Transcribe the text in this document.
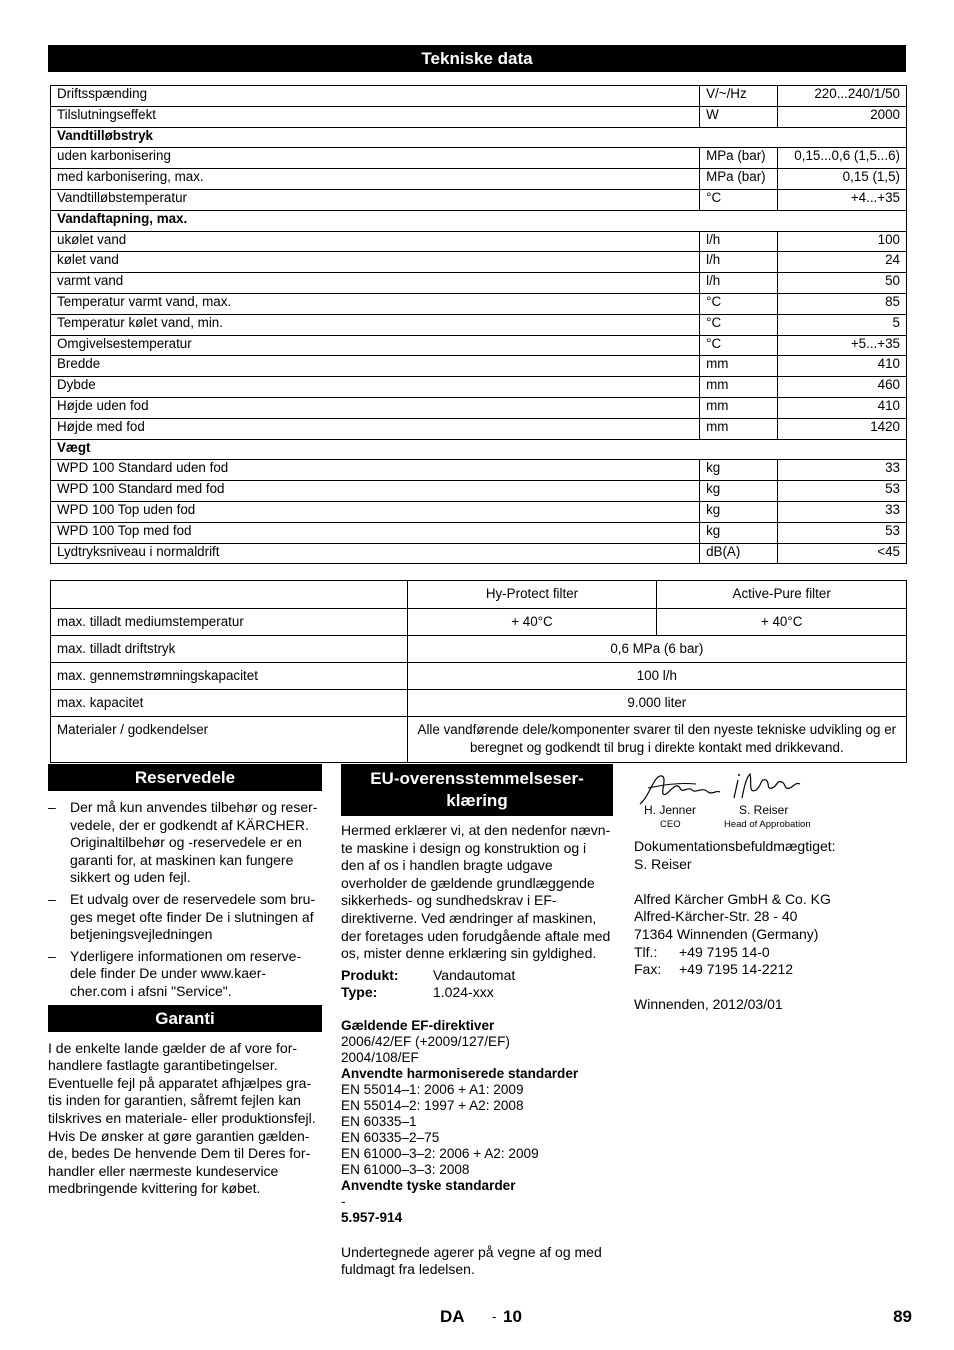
Tekniske data
Driftsspænding	V/~/Hz	220...240/1/50
Tilslutningseffekt	W	2000
Vandtilløbstryk		
uden karbonisering	MPa (bar)	0,15...0,6 (1,5...6)
med karbonisering, max.	MPa (bar)	0,15 (1,5)
Vandtilløbstemperatur	°C	+4...+35
Vandaftapning, max.		
ukølet vand	l/h	100
kølet vand	l/h	24
varmt vand	l/h	50
Temperatur varmt vand, max.	°C	85
Temperatur kølet vand, min.	°C	5
Omgivelsestemperatur	°C	+5...+35
Bredde	mm	410
Dybde	mm	460
Højde uden fod	mm	410
Højde med fod	mm	1420
Vægt		
WPD 100 Standard uden fod	kg	33
WPD 100 Standard med fod	kg	53
WPD 100 Top uden fod	kg	33
WPD 100 Top med fod	kg	53
Lydtryksniveau i normaldrift	dB(A)	<45
	Hy-Protect filter	Active-Pure filter
max. tilladt mediumstemperatur	+ 40°C	+ 40°C
max. tilladt driftstryk	0,6 MPa (6 bar)	
max. gennemstrømningskapacitet	100 l/h	
max. kapacitet	9.000 liter	
Materialer / godkendelser	Alle vandførende dele/komponenter svarer til den nyeste tekniske udvikling og er beregnet og godkendt til brug i direkte kontakt med drikkevand.	
Reservedele
– Der må kun anvendes tilbehør og reser-vedele, der er godkendt af KÄRCHER. Originaltilbehør og -reservedele er en garanti for, at maskinen kan fungere sikkert og uden fejl.
– Et udvalg over de reservedele som bru-ges meget ofte finder De i slutningen af betjeningsvejledningen
– Yderligere informationen om reserve-dele finder De under www.kaer-cher.com i afsni "Service".
Garanti

I de enkelte lande gælder de af vore for-handlere fastlagte garantibetingelser. Eventuelle fejl på apparatet afhjælpes gra-tis inden for garantien, såfremt fejlen kan tilskrives en materiale- eller produktionsfejl. Hvis De ønsker at gøre garantien gælden-de, bedes De henvende Dem til Deres for-handler eller nærmeste kundeservice medbringende kvittering for købet.

EU-overensstemmelseser-
klæring

Hermed erklærer vi, at den nedenfor nævn-te maskine i design og konstruktion og i den af os i handlen bragte udgave overholder de gældende grundlæggende sikkerheds- og sundhedskrav i EF-direktiverne. Ved ændringer af maskinen, der foretages uden forudgående aftale med os, mister denne erklæring sin gyldighed.

Produkt: Vandautomat
Type:	1.024-xxx
Gældende EF-direktiver
2006/42/EF (+2009/127/EF)
2004/108/EF
Anvendte harmoniserede standarder
EN 55014–1: 2006 + A1: 2009
EN 55014–2: 1997 + A2: 2008
EN 60335–1
EN 60335–2–75
EN 61000–3–2: 2006 + A2: 2009
EN 61000–3–3: 2008
Anvendte tyske standarder
-
5.957-914

Undertegnede agerer på vegne af og med fuldmagt fra ledelsen.

H. Jenner
CEO
S. Reiser
Head of Approbation
Dokumentationsbefuldmægtiget:
S. Reiser
Alfred Kärcher GmbH & Co. KG
Alfred-Kärcher-Str. 28 - 40
71364 Winnenden (Germany)
Tlf.: +49 7195 14-0
Fax: +49 7195 14-2212
Winnenden, 2012/03/01
DA - 10	89
